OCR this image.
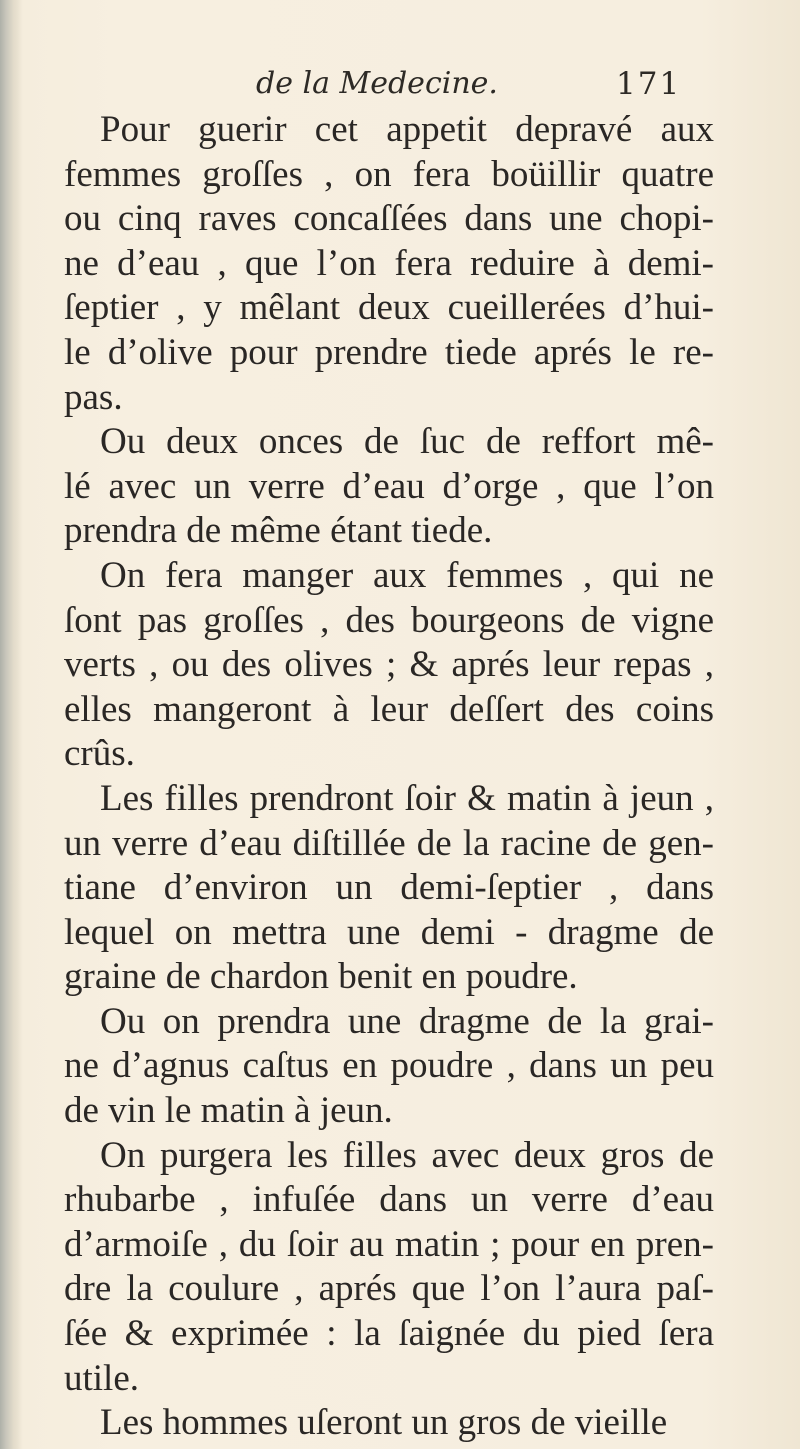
de la Medecine.	171
Pour guerir cet appetit depravé aux
femmes groſſes , on fera boüillir quatre
ou cinq raves concaſſées dans une chopi-
ne d’eau , que l’on fera reduire à demi-
ſeptier , y mêlant deux cueillerées d’hui-
le d’olive pour prendre tiede aprés le re-
pas.
Ou deux onces de ſuc de reffort mê-
lé avec un verre d’eau d’orge , que l’on
prendra de même étant tiede.
On fera manger aux femmes , qui ne
ſont pas groſſes , des bourgeons de vigne
verts , ou des olives ; & aprés leur repas ,
elles mangeront à leur deſſert des coins
crûs.
Les filles prendront ſoir & matin à jeun ,
un verre d’eau diſtillée de la racine de gen-
tiane d’environ un demi-ſeptier , dans
lequel on mettra une demi - dragme de
graine de chardon benit en poudre.
Ou on prendra une dragme de la grai-
ne d’agnus caſtus en poudre , dans un peu
de vin le matin à jeun.
On purgera les filles avec deux gros de
rhubarbe , infuſée dans un verre d’eau
d’armoiſe , du ſoir au matin ; pour en pren-
dre la coulure , aprés que l’on l’aura paſ-
ſée & exprimée : la ſaignée du pied ſera
utile.
Les hommes uſeront un gros de vieille
